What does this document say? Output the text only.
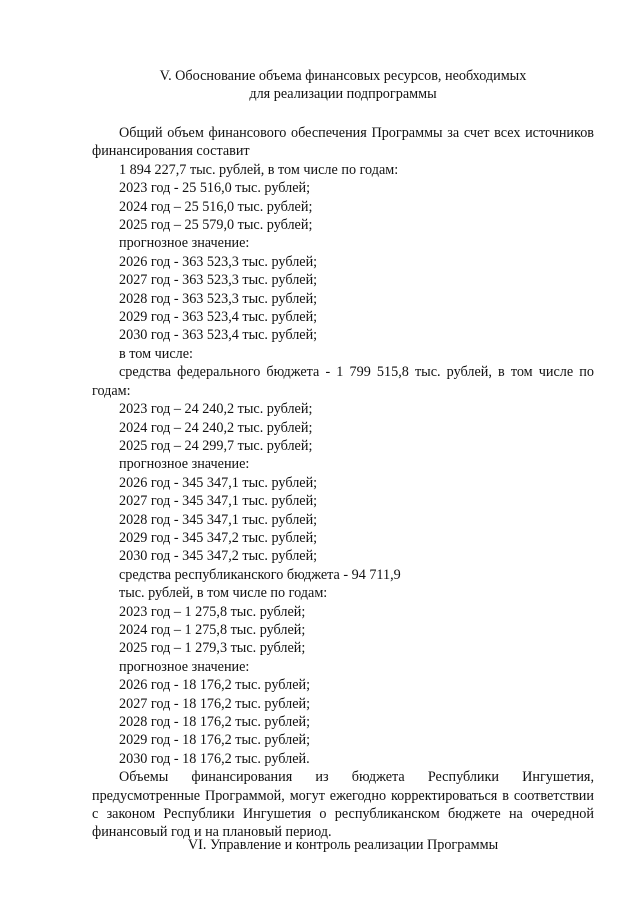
V. Обоснование объема финансовых ресурсов, необходимых
для реализации подпрограммы

Общий объем финансового обеспечения Программы за счет всех источников финансирования составит

1 894 227,7 тыс. рублей, в том числе по годам:

2023 год - 25 516,0 тыс. рублей;

2024 год – 25 516,0 тыс. рублей;

2025 год – 25 579,0 тыс. рублей;

прогнозное значение:

2026 год - 363 523,3 тыс. рублей;

2027 год - 363 523,3 тыс. рублей;

2028 год - 363 523,3 тыс. рублей;

2029 год - 363 523,4 тыс. рублей;

2030 год - 363 523,4 тыс. рублей;

в том числе:

средства федерального бюджета - 1 799 515,8 тыс. рублей, в том числе по годам:

2023 год – 24 240,2 тыс. рублей;

2024 год – 24 240,2 тыс. рублей;

2025 год – 24 299,7 тыс. рублей;

прогнозное значение:

2026 год - 345 347,1 тыс. рублей;

2027 год - 345 347,1 тыс. рублей;

2028 год - 345 347,1 тыс. рублей;

2029 год - 345 347,2 тыс. рублей;

2030 год - 345 347,2 тыс. рублей;

средства республиканского бюджета - 94 711,9

тыс. рублей, в том числе по годам:

2023 год – 1 275,8 тыс. рублей;

2024 год – 1 275,8 тыс. рублей;

2025 год – 1 279,3 тыс. рублей;

прогнозное значение:

2026 год - 18 176,2 тыс. рублей;

2027 год - 18 176,2 тыс. рублей;

2028 год - 18 176,2 тыс. рублей;

2029 год - 18 176,2 тыс. рублей;

2030 год - 18 176,2 тыс. рублей.

Объемы финансирования из бюджета Республики Ингушетия, предусмотренные Программой, могут ежегодно корректироваться в соответствии с законом Республики Ингушетия о республиканском бюджете на очередной финансовый год и на плановый период.

VI. Управление и контроль реализации Программы
